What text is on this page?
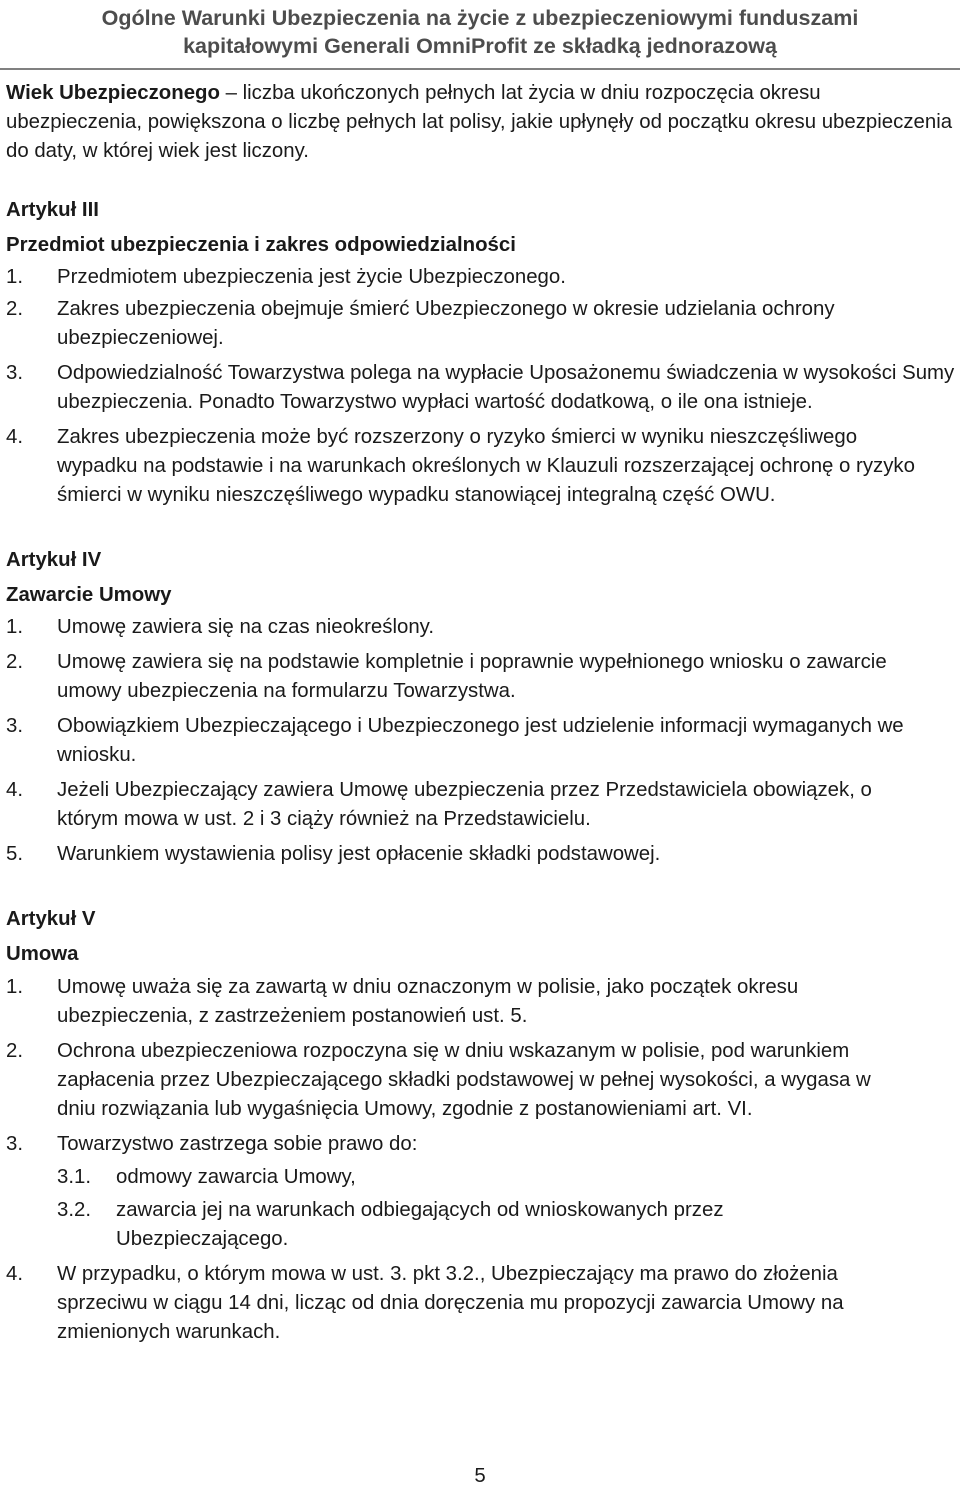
Ogólne Warunki Ubezpieczenia na życie z ubezpieczeniowymi funduszami
kapitałowymi Generali OmniProfit ze składką jednorazową

Wiek Ubezpieczonego – liczba ukończonych pełnych lat życia w dniu rozpoczęcia okresu ubezpieczenia, powiększona o liczbę pełnych lat polisy, jakie upłynęły od początku okresu ubezpieczenia do daty, w której wiek jest liczony.

Artykuł III

Przedmiot ubezpieczenia i zakres odpowiedzialności

1.	Przedmiotem ubezpieczenia jest życie Ubezpieczonego.
2.	Zakres ubezpieczenia obejmuje śmierć Ubezpieczonego w okresie udzielania ochrony ubezpieczeniowej.
3.	Odpowiedzialność Towarzystwa polega na wypłacie Uposażonemu świadczenia w wysokości Sumy ubezpieczenia. Ponadto Towarzystwo wypłaci wartość dodatkową, o ile ona istnieje.
4.	Zakres ubezpieczenia może być rozszerzony o ryzyko śmierci w wyniku nieszczęśliwego wypadku na podstawie i na warunkach określonych w Klauzuli rozszerzającej ochronę o ryzyko śmierci w wyniku nieszczęśliwego wypadku stanowiącej integralną część OWU.

Artykuł IV

Zawarcie Umowy

1.	Umowę zawiera się na czas nieokreślony.
2.	Umowę zawiera się na podstawie kompletnie i poprawnie wypełnionego wniosku o zawarcie umowy ubezpieczenia na formularzu Towarzystwa.
3.	Obowiązkiem Ubezpieczającego i Ubezpieczonego jest udzielenie informacji wymaganych we wniosku.
4.	Jeżeli Ubezpieczający zawiera Umowę ubezpieczenia przez Przedstawiciela obowiązek, o którym mowa w ust. 2 i 3 ciąży również na Przedstawicielu.
5.	Warunkiem wystawienia polisy jest opłacenie składki podstawowej.

Artykuł V

Umowa

1.	Umowę uważa się za zawartą w dniu oznaczonym w polisie, jako początek okresu ubezpieczenia, z zastrzeżeniem postanowień ust. 5.
2.	Ochrona ubezpieczeniowa rozpoczyna się w dniu wskazanym w polisie, pod warunkiem zapłacenia przez Ubezpieczającego składki podstawowej w pełnej wysokości, a wygasa w dniu rozwiązania lub wygaśnięcia Umowy, zgodnie z postanowieniami art. VI.
3.	Towarzystwo zastrzega sobie prawo do:
3.1.	odmowy zawarcia Umowy,
3.2.	zawarcia jej na warunkach odbiegających od wnioskowanych przez Ubezpieczającego.
4.	W przypadku, o którym mowa w ust. 3. pkt 3.2., Ubezpieczający ma prawo do złożenia sprzeciwu w ciągu 14 dni, licząc od dnia doręczenia mu propozycji zawarcia Umowy na zmienionych warunkach.
5
